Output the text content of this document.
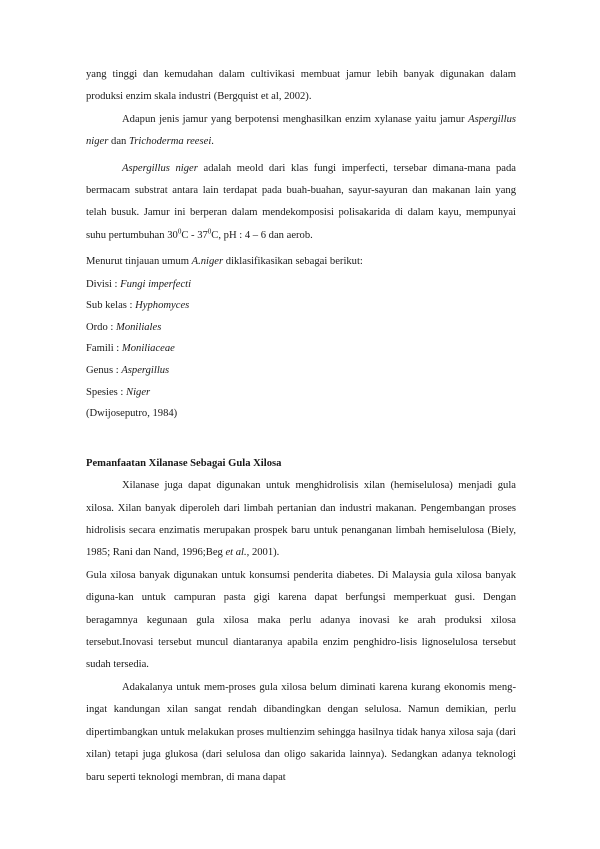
yang tinggi dan kemudahan dalam cultivikasi membuat jamur lebih banyak digunakan dalam produksi enzim skala industri (Bergquist et al, 2002).

Adapun jenis jamur yang berpotensi menghasilkan enzim xylanase yaitu jamur Aspergillus niger dan Trichoderma reesei.

Aspergillus niger adalah meold dari klas fungi imperfecti, tersebar dimana-mana pada bermacam substrat antara lain terdapat pada buah-buahan, sayur-sayuran dan makanan lain yang telah busuk. Jamur ini berperan dalam mendekomposisi polisakarida di dalam kayu, mempunyai suhu pertumbuhan $30^0C - 37^0C$, pH : 4 – 6 dan aerob.

Menurut tinjauan umum A.niger diklasifikasikan sebagai berikut:

Divisi : Fungi imperfecti
Sub kelas : Hyphomyces
Ordo : Moniliales
Famili : Moniliaceae
Genus : Aspergillus
Spesies : Niger
(Dwijoseputro, 1984)

Pemanfaatan Xilanase Sebagai Gula Xilosa

Xilanase juga dapat digunakan untuk menghidrolisis xilan (hemiselulosa) menjadi gula xilosa. Xilan banyak diperoleh dari limbah pertanian dan industri makanan. Pengembangan proses hidrolisis secara enzimatis merupakan prospek baru untuk penanganan limbah hemiselulosa (Biely, 1985; Rani dan Nand, 1996;Beg et al., 2001).

Gula xilosa banyak digunakan untuk konsumsi penderita diabetes. Di Malaysia gula xilosa banyak digunа-kan untuk campuran pasta gigi karena dapat berfungsi memperkuat gusi. Dengan beragamnya kegunaan gula xilosa maka perlu adanya inovasi ke arah produksi xilosa tersebut.Inovasi tersebut muncul diantaranya apabila enzim penghidro-lisis lignoselulosa tersebut sudah tersedia.

Adakalanya untuk mem-proses gula xilosa belum diminati karena kurang ekonomis meng-ingat kandungan xilan sangat rendah dibandingkan dengan selulosa. Namun demikian, perlu dipertimbangkan untuk melakukan proses multienzim sehingga hasilnya tidak hanya xilosa saja (dari xilan) tetapi juga glukosa (dari selulosa dan oligo sakarida lainnya). Sedangkan adanya teknologi baru seperti teknologi membran, di mana dapat
